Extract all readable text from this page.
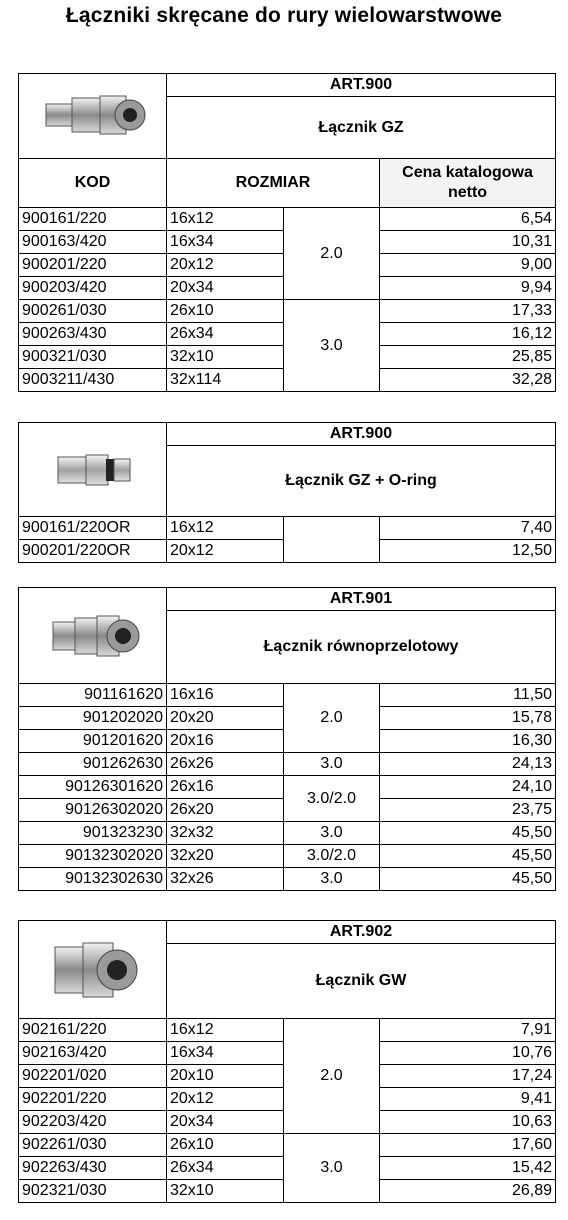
Łączniki skręcane do rury wielowarstwowe
	ART.900		
	Łącznik GZ		
KOD	ROZMIAR		Cena katalogowa netto
900161/220	16x12	2.0	6,54
900163/420	16x34		10,31
900201/220	20x12		9,00
900203/420	20x34		9,94
900261/030	26x10	3.0	17,33
900263/430	26x34		16,12
900321/030	32x10		25,85
9003211/430	32x114		32,28
	ART.900		
	Łącznik GZ + O-ring		
900161/220OR	16x12		7,40
900201/220OR	20x12		12,50
	ART.901		
	Łącznik równoprzelotowy		
901161620	16x16	2.0	11,50
901202020	20x20		15,78
901201620	20x16		16,30
901262630	26x26	3.0	24,13
90126301620	26x16	3.0/2.0	24,10
90126302020	26x20		23,75
901323230	32x32	3.0	45,50
90132302020	32x20	3.0/2.0	45,50
90132302630	32x26	3.0	45,50
	ART.902		
	Łącznik GW		
902161/220	16x12	2.0	7,91
902163/420	16x34		10,76
902201/020	20x10		17,24
902201/220	20x12		9,41
902203/420	20x34		10,63
902261/030	26x10	3.0	17,60
902263/430	26x34		15,42
902321/030	32x10		26,89
